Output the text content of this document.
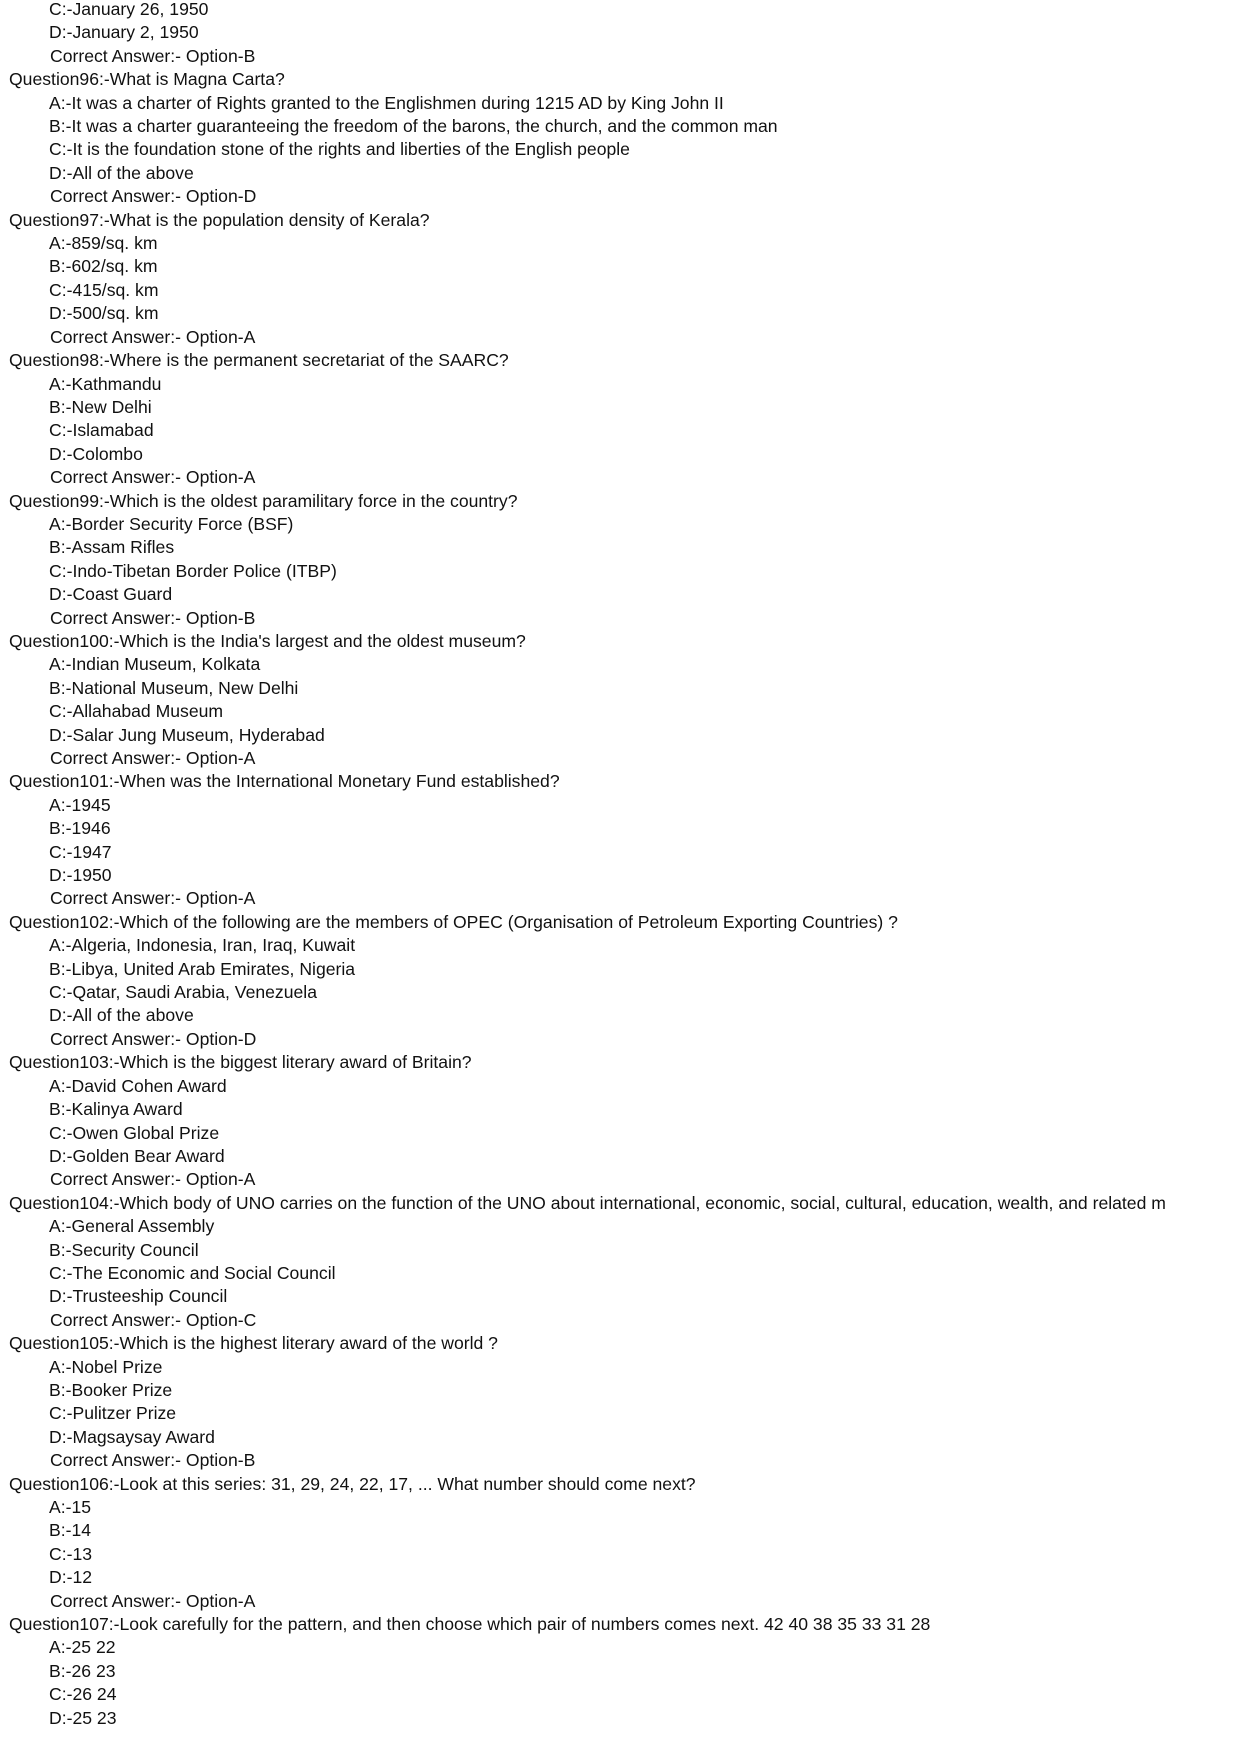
C:-January 26, 1950
D:-January 2, 1950
Correct Answer:- Option-B
Question96:-What is Magna Carta?
A:-It was a charter of Rights granted to the Englishmen during 1215 AD by King John II
B:-It was a charter guaranteeing the freedom of the barons, the church, and the common man
C:-It is the foundation stone of the rights and liberties of the English people
D:-All of the above
Correct Answer:- Option-D
Question97:-What is the population density of Kerala?
A:-859/sq. km
B:-602/sq. km
C:-415/sq. km
D:-500/sq. km
Correct Answer:- Option-A
Question98:-Where is the permanent secretariat of the SAARC?
A:-Kathmandu
B:-New Delhi
C:-Islamabad
D:-Colombo
Correct Answer:- Option-A
Question99:-Which is the oldest paramilitary force in the country?
A:-Border Security Force (BSF)
B:-Assam Rifles
C:-Indo-Tibetan Border Police (ITBP)
D:-Coast Guard
Correct Answer:- Option-B
Question100:-Which is the India's largest and the oldest museum?
A:-Indian Museum, Kolkata
B:-National Museum, New Delhi
C:-Allahabad Museum
D:-Salar Jung Museum, Hyderabad
Correct Answer:- Option-A
Question101:-When was the International Monetary Fund established?
A:-1945
B:-1946
C:-1947
D:-1950
Correct Answer:- Option-A
Question102:-Which of the following are the members of OPEC (Organisation of Petroleum Exporting Countries) ?
A:-Algeria, Indonesia, Iran, Iraq, Kuwait
B:-Libya, United Arab Emirates, Nigeria
C:-Qatar, Saudi Arabia, Venezuela
D:-All of the above
Correct Answer:- Option-D
Question103:-Which is the biggest literary award of Britain?
A:-David Cohen Award
B:-Kalinya Award
C:-Owen Global Prize
D:-Golden Bear Award
Correct Answer:- Option-A
Question104:-Which body of UNO carries on the function of the UNO about international, economic, social, cultural, education, wealth, and related m
A:-General Assembly
B:-Security Council
C:-The Economic and Social Council
D:-Trusteeship Council
Correct Answer:- Option-C
Question105:-Which is the highest literary award of the world ?
A:-Nobel Prize
B:-Booker Prize
C:-Pulitzer Prize
D:-Magsaysay Award
Correct Answer:- Option-B
Question106:-Look at this series: 31, 29, 24, 22, 17, ... What number should come next?
A:-15
B:-14
C:-13
D:-12
Correct Answer:- Option-A
Question107:-Look carefully for the pattern, and then choose which pair of numbers comes next. 42 40 38 35 33 31 28
A:-25 22
B:-26 23
C:-26 24
D:-25 23
